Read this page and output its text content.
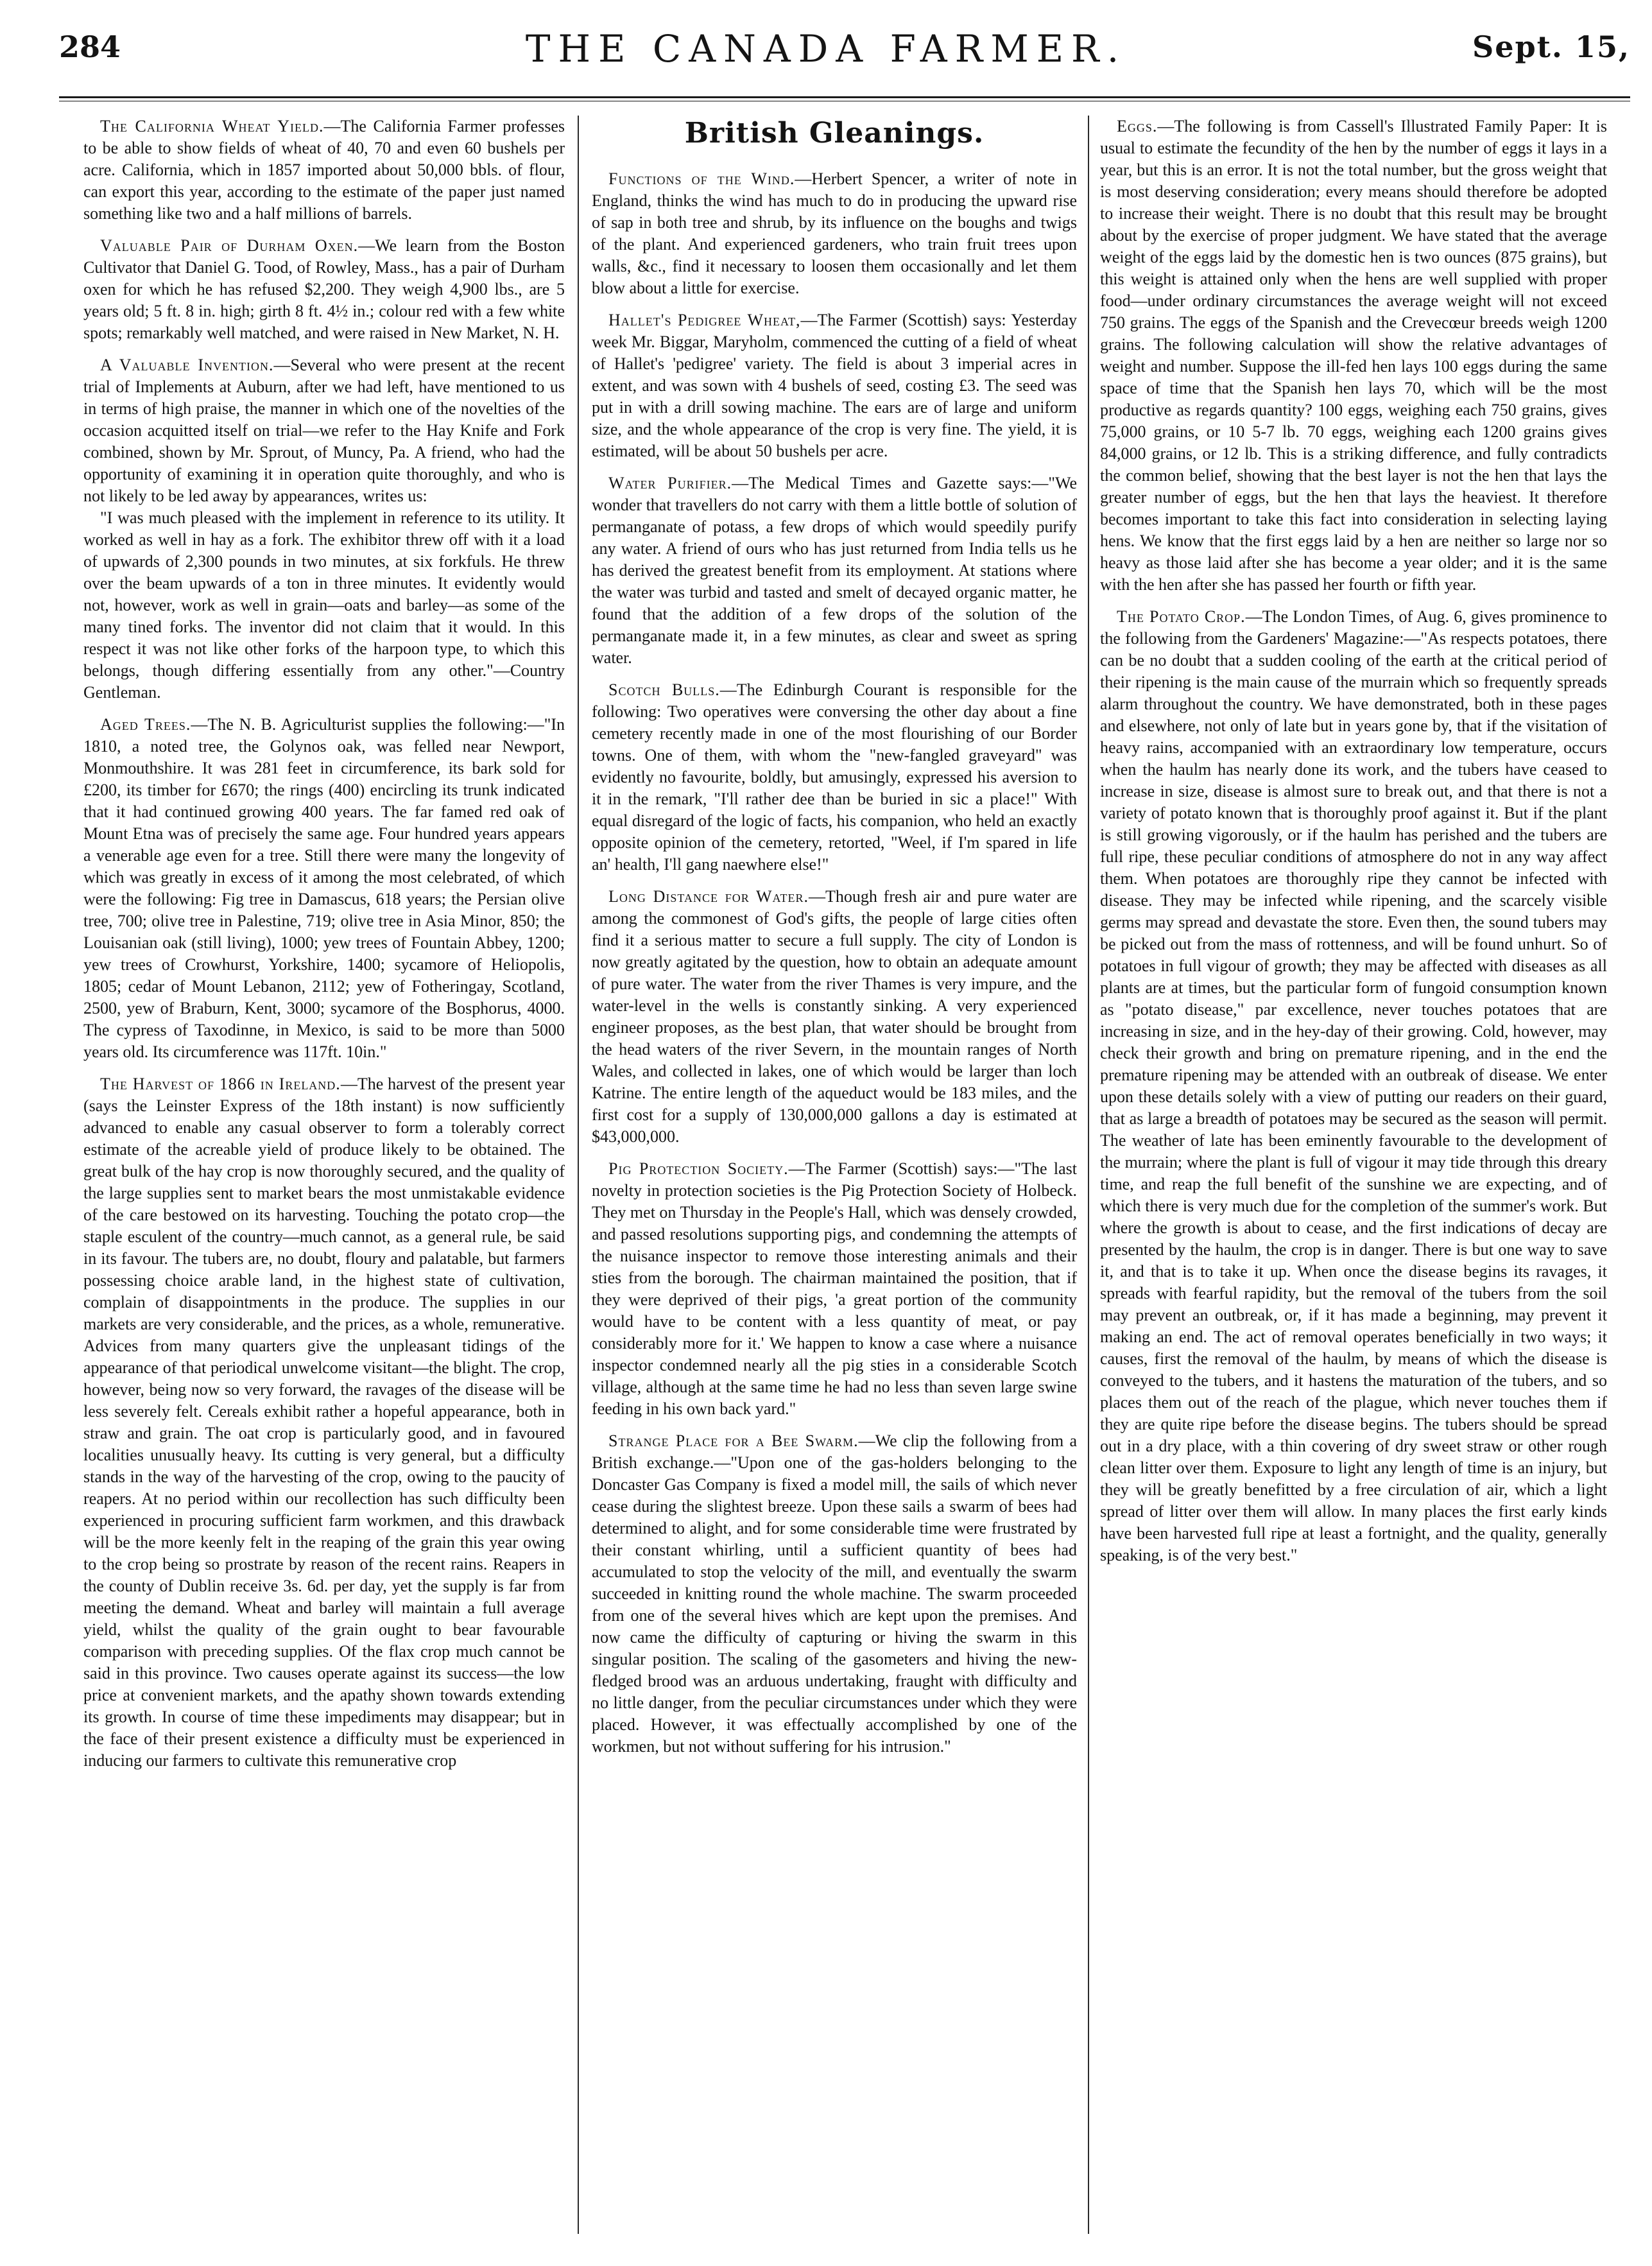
284	THE CANADA FARMER.	Sept. 15,
The California Wheat Yield.—The California Farmer professes to be able to show fields of wheat of 40, 70 and even 60 bushels per acre. California, which in 1857 imported about 50,000 bbls. of flour, can export this year, according to the estimate of the paper just named something like two and a half millions of barrels.
Valuable Pair of Durham Oxen.—We learn from the Boston Cultivator that Daniel G. Tood, of Rowley, Mass., has a pair of Durham oxen for which he has refused $2,200. They weigh 4,900 lbs., are 5 years old; 5 ft. 8 in. high; girth 8 ft. 4½ in.; colour red with a few white spots; remarkably well matched, and were raised in New Market, N. H.
A Valuable Invention.—Several who were present at the recent trial of Implements at Auburn, after we had left, have mentioned to us in terms of high praise, the manner in which one of the novelties of the occasion acquitted itself on trial—we refer to the Hay Knife and Fork combined, shown by Mr. Sprout, of Muncy, Pa. A friend, who had the opportunity of examining it in operation quite thoroughly, and who is not likely to be led away by appearances, writes us:

"I was much pleased with the implement in reference to its utility. It worked as well in hay as a fork. The exhibitor threw off with it a load of upwards of 2,300 pounds in two minutes, at six forkfuls. He threw over the beam upwards of a ton in three minutes. It evidently would not, however, work as well in grain—oats and barley—as some of the many tined forks. The inventor did not claim that it would. In this respect it was not like other forks of the harpoon type, to which this belongs, though differing essentially from any other."—Country Gentleman.

Aged Trees.—The N. B. Agriculturist supplies the following:—"In 1810, a noted tree, the Golynos oak, was felled near Newport, Monmouthshire. It was 281 feet in circumference, its bark sold for £200, its timber for £670; the rings (400) encircling its trunk indicated that it had continued growing 400 years. The far famed red oak of Mount Etna was of precisely the same age. Four hundred years appears a venerable age even for a tree. Still there were many the longevity of which was greatly in excess of it among the most celebrated, of which were the following: Fig tree in Damascus, 618 years; the Persian olive tree, 700; olive tree in Palestine, 719; olive tree in Asia Minor, 850; the Louisanian oak (still living), 1000; yew trees of Fountain Abbey, 1200; yew trees of Crowhurst, Yorkshire, 1400; sycamore of Heliopolis, 1805; cedar of Mount Lebanon, 2112; yew of Fotheringay, Scotland, 2500, yew of Braburn, Kent, 3000; sycamore of the Bosphorus, 4000. The cypress of Taxodinne, in Mexico, is said to be more than 5000 years old. Its circumference was 117ft. 10in."
The Harvest of 1866 in Ireland.—The harvest of the present year (says the Leinster Express of the 18th instant) is now sufficiently advanced to enable any casual observer to form a tolerably correct estimate of the acreable yield of produce likely to be obtained. The great bulk of the hay crop is now thoroughly secured, and the quality of the large supplies sent to market bears the most unmistakable evidence of the care bestowed on its harvesting. Touching the potato crop—the staple esculent of the country—much cannot, as a general rule, be said in its favour. The tubers are, no doubt, floury and palatable, but farmers possessing choice arable land, in the highest state of cultivation, complain of disappointments in the produce. The supplies in our markets are very considerable, and the prices, as a whole, remunerative. Advices from many quarters give the unpleasant tidings of the appearance of that periodical unwelcome visitant—the blight. The crop, however, being now so very forward, the ravages of the disease will be less severely felt. Cereals exhibit rather a hopeful appearance, both in straw and grain. The oat crop is particularly good, and in favoured localities unusually heavy. Its cutting is very general, but a difficulty stands in the way of the harvesting of the crop, owing to the paucity of reapers. At no period within our recollection has such difficulty been experienced in procuring sufficient farm workmen, and this drawback will be the more keenly felt in the reaping of the grain this year owing to the crop being so prostrate by reason of the recent rains. Reapers in the county of Dublin receive 3s. 6d. per day, yet the supply is far from meeting the demand. Wheat and barley will maintain a full average yield, whilst the quality of the grain ought to bear favourable comparison with preceding supplies. Of the flax crop much cannot be said in this province. Two causes operate against its success—the low price at convenient markets, and the apathy shown towards extending its growth. In course of time these impediments may disappear; but in the face of their present existence a difficulty must be experienced in inducing our farmers to cultivate this remunerative crop
British Gleanings.
Functions of the Wind.—Herbert Spencer, a writer of note in England, thinks the wind has much to do in producing the upward rise of sap in both tree and shrub, by its influence on the boughs and twigs of the plant. And experienced gardeners, who train fruit trees upon walls, &c., find it necessary to loosen them occasionally and let them blow about a little for exercise.
Hallet's Pedigree Wheat,—The Farmer (Scottish) says: Yesterday week Mr. Biggar, Maryholm, commenced the cutting of a field of wheat of Hallet's 'pedigree' variety. The field is about 3 imperial acres in extent, and was sown with 4 bushels of seed, costing £3. The seed was put in with a drill sowing machine. The ears are of large and uniform size, and the whole appearance of the crop is very fine. The yield, it is estimated, will be about 50 bushels per acre.
Water Purifier.—The Medical Times and Gazette says:—"We wonder that travellers do not carry with them a little bottle of solution of permanganate of potass, a few drops of which would speedily purify any water. A friend of ours who has just returned from India tells us he has derived the greatest benefit from its employment. At stations where the water was turbid and tasted and smelt of decayed organic matter, he found that the addition of a few drops of the solution of the permanganate made it, in a few minutes, as clear and sweet as spring water.
Scotch Bulls.—The Edinburgh Courant is responsible for the following: Two operatives were conversing the other day about a fine cemetery recently made in one of the most flourishing of our Border towns. One of them, with whom the "new-fangled graveyard" was evidently no favourite, boldly, but amusingly, expressed his aversion to it in the remark, "I'll rather dee than be buried in sic a place!" With equal disregard of the logic of facts, his companion, who held an exactly opposite opinion of the cemetery, retorted, "Weel, if I'm spared in life an' health, I'll gang naewhere else!"
Long Distance for Water.—Though fresh air and pure water are among the commonest of God's gifts, the people of large cities often find it a serious matter to secure a full supply. The city of London is now greatly agitated by the question, how to obtain an adequate amount of pure water. The water from the river Thames is very impure, and the water-level in the wells is constantly sinking. A very experienced engineer proposes, as the best plan, that water should be brought from the head waters of the river Severn, in the mountain ranges of North Wales, and collected in lakes, one of which would be larger than loch Katrine. The entire length of the aqueduct would be 183 miles, and the first cost for a supply of 130,000,000 gallons a day is estimated at $43,000,000.
Pig Protection Society.—The Farmer (Scottish) says:—"The last novelty in protection societies is the Pig Protection Society of Holbeck. They met on Thursday in the People's Hall, which was densely crowded, and passed resolutions supporting pigs, and condemning the attempts of the nuisance inspector to remove those interesting animals and their sties from the borough. The chairman maintained the position, that if they were deprived of their pigs, 'a great portion of the community would have to be content with a less quantity of meat, or pay considerably more for it.' We happen to know a case where a nuisance inspector condemned nearly all the pig sties in a considerable Scotch village, although at the same time he had no less than seven large swine feeding in his own back yard."
Strange Place for a Bee Swarm.—We clip the following from a British exchange.—"Upon one of the gas-holders belonging to the Doncaster Gas Company is fixed a model mill, the sails of which never cease during the slightest breeze. Upon these sails a swarm of bees had determined to alight, and for some considerable time were frustrated by their constant whirling, until a sufficient quantity of bees had accumulated to stop the velocity of the mill, and eventually the swarm succeeded in knitting round the whole machine. The swarm proceeded from one of the several hives which are kept upon the premises. And now came the difficulty of capturing or hiving the swarm in this singular position. The scaling of the gasometers and hiving the new-fledged brood was an arduous undertaking, fraught with difficulty and no little danger, from the peculiar circumstances under which they were placed. However, it was effectually accomplished by one of the workmen, but not without suffering for his intrusion."
Eggs.—The following is from Cassell's Illustrated Family Paper: It is usual to estimate the fecundity of the hen by the number of eggs it lays in a year, but this is an error. It is not the total number, but the gross weight that is most deserving consideration; every means should therefore be adopted to increase their weight. There is no doubt that this result may be brought about by the exercise of proper judgment. We have stated that the average weight of the eggs laid by the domestic hen is two ounces (875 grains), but this weight is attained only when the hens are well supplied with proper food—under ordinary circumstances the average weight will not exceed 750 grains. The eggs of the Spanish and the Crevecœur breeds weigh 1200 grains. The following calculation will show the relative advantages of weight and number. Suppose the ill-fed hen lays 100 eggs during the same space of time that the Spanish hen lays 70, which will be the most productive as regards quantity? 100 eggs, weighing each 750 grains, gives 75,000 grains, or 10 5-7 lb. 70 eggs, weighing each 1200 grains gives 84,000 grains, or 12 lb. This is a striking difference, and fully contradicts the common belief, showing that the best layer is not the hen that lays the greater number of eggs, but the hen that lays the heaviest. It therefore becomes important to take this fact into consideration in selecting laying hens. We know that the first eggs laid by a hen are neither so large nor so heavy as those laid after she has become a year older; and it is the same with the hen after she has passed her fourth or fifth year.
The Potato Crop.—The London Times, of Aug. 6, gives prominence to the following from the Gardeners' Magazine:—"As respects potatoes, there can be no doubt that a sudden cooling of the earth at the critical period of their ripening is the main cause of the murrain which so frequently spreads alarm throughout the country. We have demonstrated, both in these pages and elsewhere, not only of late but in years gone by, that if the visitation of heavy rains, accompanied with an extraordinary low temperature, occurs when the haulm has nearly done its work, and the tubers have ceased to increase in size, disease is almost sure to break out, and that there is not a variety of potato known that is thoroughly proof against it. But if the plant is still growing vigorously, or if the haulm has perished and the tubers are full ripe, these peculiar conditions of atmosphere do not in any way affect them. When potatoes are thoroughly ripe they cannot be infected with disease. They may be infected while ripening, and the scarcely visible germs may spread and devastate the store. Even then, the sound tubers may be picked out from the mass of rottenness, and will be found unhurt. So of potatoes in full vigour of growth; they may be affected with diseases as all plants are at times, but the particular form of fungoid consumption known as "potato disease," par excellence, never touches potatoes that are increasing in size, and in the hey-day of their growing. Cold, however, may check their growth and bring on premature ripening, and in the end the premature ripening may be attended with an outbreak of disease. We enter upon these details solely with a view of putting our readers on their guard, that as large a breadth of potatoes may be secured as the season will permit. The weather of late has been eminently favourable to the development of the murrain; where the plant is full of vigour it may tide through this dreary time, and reap the full benefit of the sunshine we are expecting, and of which there is very much due for the completion of the summer's work. But where the growth is about to cease, and the first indications of decay are presented by the haulm, the crop is in danger. There is but one way to save it, and that is to take it up. When once the disease begins its ravages, it spreads with fearful rapidity, but the removal of the tubers from the soil may prevent an outbreak, or, if it has made a beginning, may prevent it making an end. The act of removal operates beneficially in two ways; it causes, first the removal of the haulm, by means of which the disease is conveyed to the tubers, and it hastens the maturation of the tubers, and so places them out of the reach of the plague, which never touches them if they are quite ripe before the disease begins. The tubers should be spread out in a dry place, with a thin covering of dry sweet straw or other rough clean litter over them. Exposure to light any length of time is an injury, but they will be greatly benefitted by a free circulation of air, which a light spread of litter over them will allow. In many places the first early kinds have been harvested full ripe at least a fortnight, and the quality, generally speaking, is of the very best."
